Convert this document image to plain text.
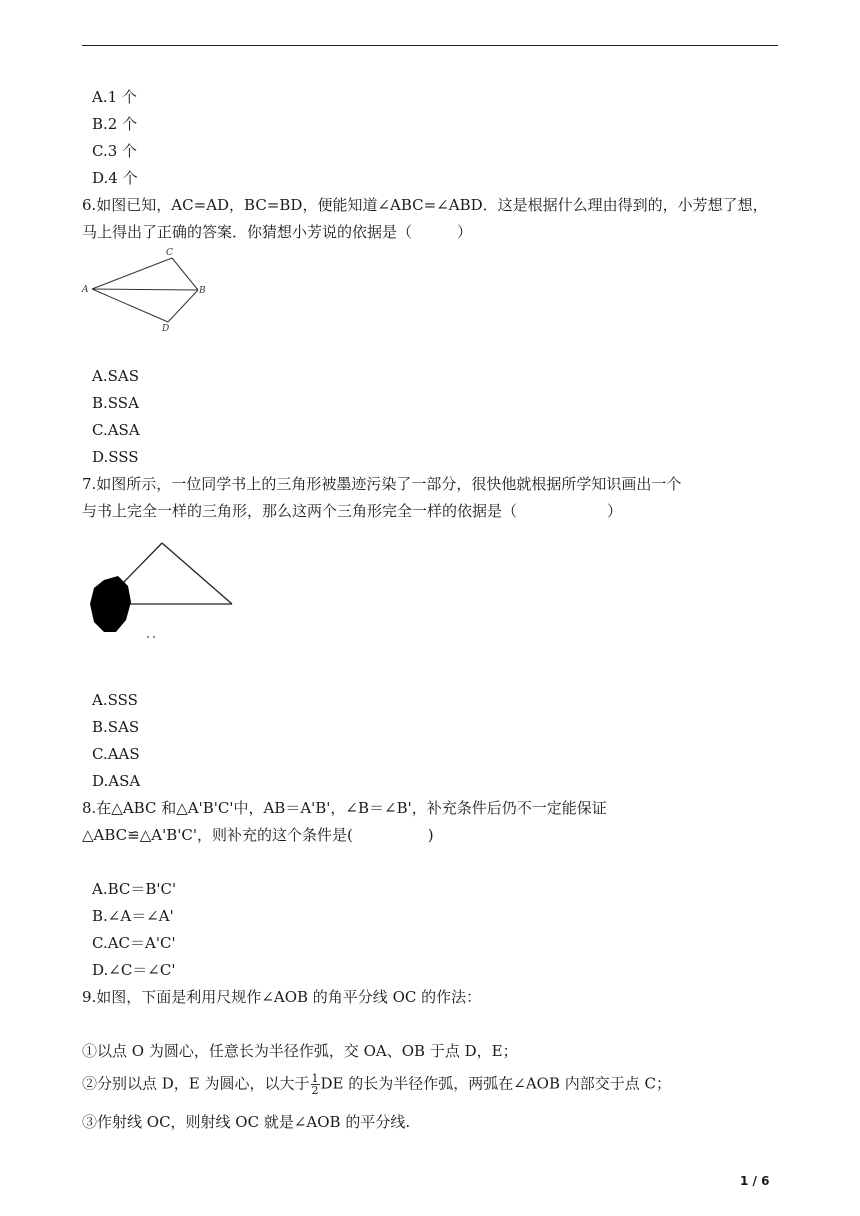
A.1 个
B.2 个
C.3 个
D.4 个
6.如图已知，AC=AD，BC=BD，便能知道∠ABC=∠ABD．这是根据什么理由得到的，小芳想了想，
马上得出了正确的答案．你猜想小芳说的依据是（　　　）
A	B
C
D
A.SAS
B.SSA
C.ASA
D.SSS
7.如图所示，一位同学书上的三角形被墨迹污染了一部分，很快他就根据所学知识画出一个
与书上完全一样的三角形，那么这两个三角形完全一样的依据是（　　　　　　）
A.SSS
B.SAS
C.AAS
D.ASA
8.在△ABC 和△A'B'C'中，AB＝A'B'，∠B＝∠B'，补充条件后仍不一定能保证
△ABC≌△A'B'C'，则补充的这个条件是(　　　　　)
A.BC＝B'C'
B.∠A＝∠A'
C.AC＝A'C'
D.∠C＝∠C'
9.如图，下面是利用尺规作∠AOB 的角平分线 OC 的作法：
①以点 O 为圆心，任意长为半径作弧，交 OA、OB 于点 D，E；
②分别以点 D，E 为圆心，以大于 $\frac{1}{2}$ DE 的长为半径作弧，两弧在∠AOB 内部交于点 C；
③作射线 OC，则射线 OC 就是∠AOB 的平分线.
1 / 6
